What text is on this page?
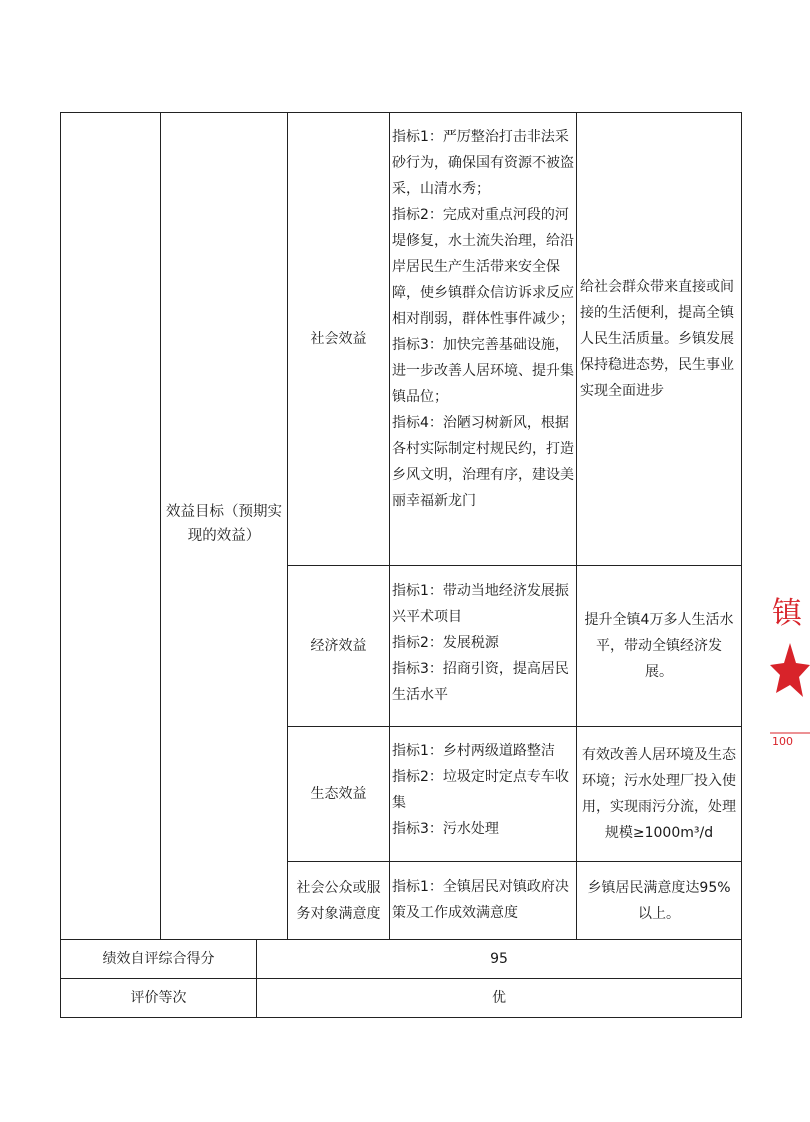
效益目标（预期实现的效益）
社会效益

指标1：严厉整治打击非法采砂行为，确保国有资源不被盗采，山清水秀；

指标2：完成对重点河段的河堤修复，水土流失治理，给沿岸居民生产生活带来安全保障，使乡镇群众信访诉求反应相对削弱，群体性事件减少；

指标3：加快完善基础设施，进一步改善人居环境、提升集镇品位；

指标4：治陋习树新风，根据各村实际制定村规民约，打造乡风文明，治理有序，建设美丽幸福新龙门

给社会群众带来直接或间接的生活便利，提高全镇人民生活质量。乡镇发展保持稳进态势，民生事业实现全面进步
经济效益

指标1：带动当地经济发展振兴平术项目

指标2：发展税源

指标3：招商引资，提高居民生活水平

提升全镇4万多人生活水平，带动全镇经济发展。
生态效益

指标1：乡村两级道路整洁

指标2：垃圾定时定点专车收集

指标3：污水处理

有效改善人居环境及生态环境；污水处理厂投入使用，实现雨污分流，处理规模≥1000m³/d
社会公众或服务对象满意度

指标1：全镇居民对镇政府决策及工作成效满意度

乡镇居民满意度达95%以上。
绩效自评综合得分	95
评价等次	优
镇
100
